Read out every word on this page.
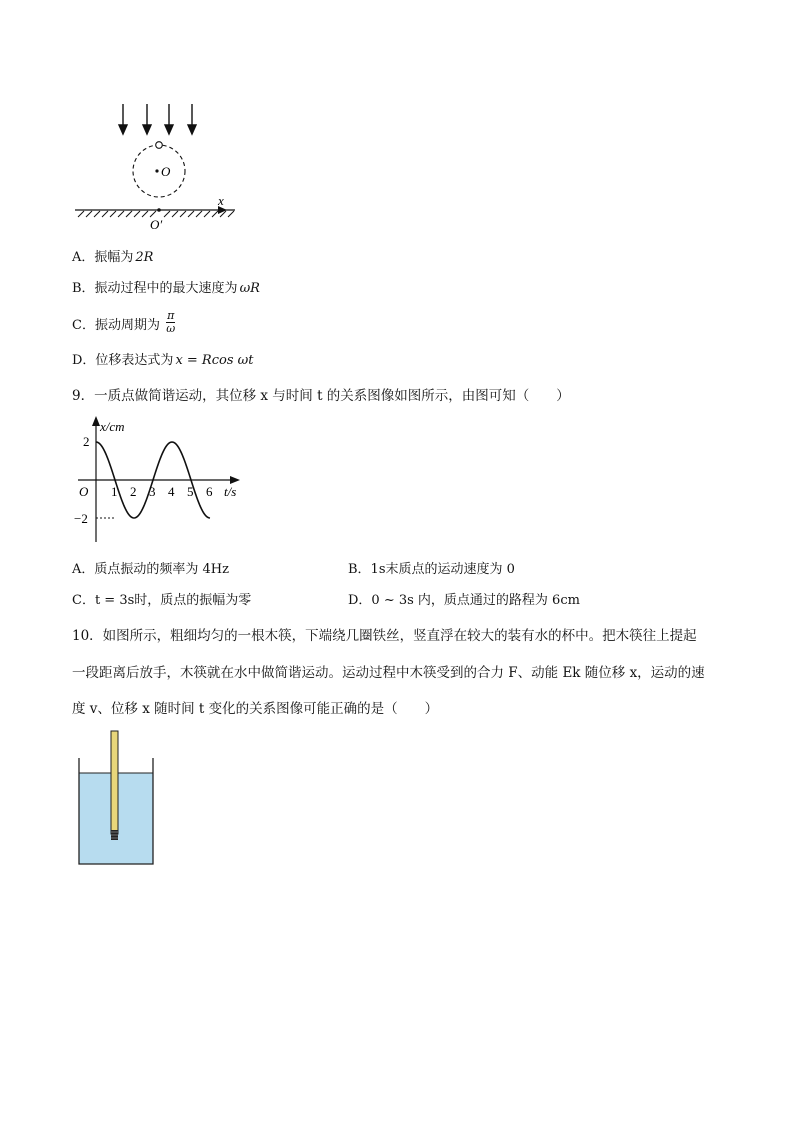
O
x
O′
A．振幅为 2R
B．振动过程中的最大速度为 ωR
C．振动周期为 $\frac{\pi}{\omega}$
D．位移表达式为 x = Rcos ωt
9．一质点做简谐运动，其位移 x 与时间 t 的关系图像如图所示，由图可知（　　）
x/cm
t/s
O
2
−2
1 2 3 4 5 6
A．质点振动的频率为 4Hz	B．1s末质点的运动速度为 0
C．t = 3s时，质点的振幅为零	D．0 ~ 3s 内，质点通过的路程为 6cm
10．如图所示，粗细均匀的一根木筷，下端绕几圈铁丝，竖直浮在较大的装有水的杯中。把木筷往上提起
一段距离后放手，木筷就在水中做简谐运动。运动过程中木筷受到的合力 F、动能 Ek 随位移 x，运动的速
度 v、位移 x 随时间 t 变化的关系图像可能正确的是（　　）
